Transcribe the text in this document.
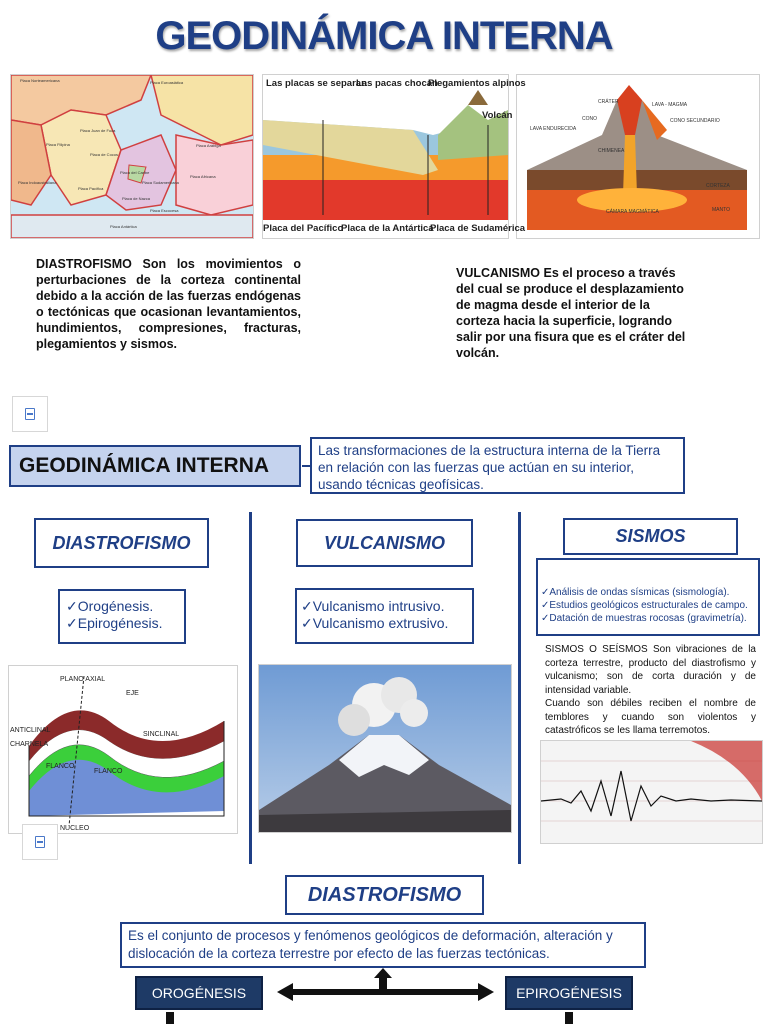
GEODINÁMICA INTERNA
Las placas se separan
Las pacas chocan
Plegamientos alpinos
Volcán
Placa del Pacífico
Placa de la Antártica
Placa de Sudamérica
CRÁTER	LAVA - MAGMA
CONO	CONO SECUNDARIO
LAVA ENDURECIDA
CHIMENEA
CORTEZA
CÁMARA MAGMÁTICA	MANTO
Placa Norteamericana	Placa Euroasiática
Placa Juan de Fuca
Placa Filipina
Placa de Cocos
Placa del Caribe
Placa Arábiga
Placa Pacífica
Placa de Nazca
Placa Sudamericana
Placa Africana
Placa Indoaustraliana
Placa Antártica
Placa Escocesa
DIASTROFISMO Son los movimientos o perturbaciones de la corteza continental debido a la acción de las fuerzas endógenas o tectónicas que ocasionan levantamientos, hundimientos, compresiones, fracturas, plegamientos y sismos.
VULCANISMO Es el proceso a través del cual se produce el desplazamiento de magma desde el interior de la corteza hacia la superficie, logrando salir por una fisura que es el cráter del volcán.
GEODINÁMICA INTERNA
Las transformaciones de la estructura interna de la Tierra en relación con las fuerzas que actúan en su interior, usando técnicas geofísicas.
DIASTROFISMO	VULCANISMO	SISMOS
✓Orogénesis.
✓Epirogénesis.
✓Vulcanismo intrusivo.
✓Vulcanismo extrusivo.
✓Análisis de ondas sísmicas (sismología).
✓Estudios geológicos estructurales de campo.
✓Datación de muestras rocosas (gravimetría).
SISMOS O SEÍSMOS Son vibraciones de la corteza terrestre, producto del diastrofismo y vulcanismo; son de corta duración y de intensidad variable.
Cuando son débiles reciben el nombre de temblores y cuando son violentos y catastróficos se les llama terremotos.
PLANO AXIAL
EJE
ANTICLINAL
SINCLINAL
CHARNELA
FLANCO
FLANCO
NUCLEO
DIASTROFISMO
Es el conjunto de procesos y fenómenos geológicos de deformación, alteración y dislocación de la corteza terrestre por efecto de las fuerzas tectónicas.
OROGÉNESIS	EPIROGÉNESIS
